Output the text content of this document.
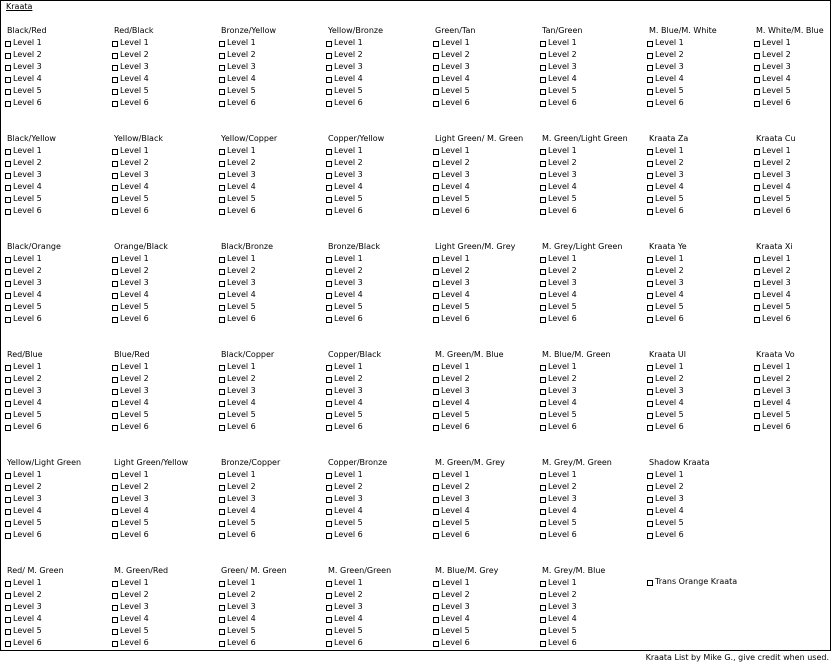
Kraata
Black/Red
Level 1
Level 2
Level 3
Level 4
Level 5
Level 6
Red/Black
Level 1
Level 2
Level 3
Level 4
Level 5
Level 6
Bronze/Yellow
Level 1
Level 2
Level 3
Level 4
Level 5
Level 6
Yellow/Bronze
Level 1
Level 2
Level 3
Level 4
Level 5
Level 6
Green/Tan
Level 1
Level 2
Level 3
Level 4
Level 5
Level 6
Tan/Green
Level 1
Level 2
Level 3
Level 4
Level 5
Level 6
M. Blue/M. White
Level 1
Level 2
Level 3
Level 4
Level 5
Level 6
M. White/M. Blue
Level 1
Level 2
Level 3
Level 4
Level 5
Level 6
Black/Yellow
Level 1
Level 2
Level 3
Level 4
Level 5
Level 6
Yellow/Black
Level 1
Level 2
Level 3
Level 4
Level 5
Level 6
Yellow/Copper
Level 1
Level 2
Level 3
Level 4
Level 5
Level 6
Copper/Yellow
Level 1
Level 2
Level 3
Level 4
Level 5
Level 6
Light Green/ M. Green
Level 1
Level 2
Level 3
Level 4
Level 5
Level 6
M. Green/Light Green
Level 1
Level 2
Level 3
Level 4
Level 5
Level 6
Kraata Za
Level 1
Level 2
Level 3
Level 4
Level 5
Level 6
Kraata Cu
Level 1
Level 2
Level 3
Level 4
Level 5
Level 6
Black/Orange
Level 1
Level 2
Level 3
Level 4
Level 5
Level 6
Orange/Black
Level 1
Level 2
Level 3
Level 4
Level 5
Level 6
Black/Bronze
Level 1
Level 2
Level 3
Level 4
Level 5
Level 6
Bronze/Black
Level 1
Level 2
Level 3
Level 4
Level 5
Level 6
Light Green/M. Grey
Level 1
Level 2
Level 3
Level 4
Level 5
Level 6
M. Grey/Light Green
Level 1
Level 2
Level 3
Level 4
Level 5
Level 6
Kraata Ye
Level 1
Level 2
Level 3
Level 4
Level 5
Level 6
Kraata Xi
Level 1
Level 2
Level 3
Level 4
Level 5
Level 6
Red/Blue
Level 1
Level 2
Level 3
Level 4
Level 5
Level 6
Blue/Red
Level 1
Level 2
Level 3
Level 4
Level 5
Level 6
Black/Copper
Level 1
Level 2
Level 3
Level 4
Level 5
Level 6
Copper/Black
Level 1
Level 2
Level 3
Level 4
Level 5
Level 6
M. Green/M. Blue
Level 1
Level 2
Level 3
Level 4
Level 5
Level 6
M. Blue/M. Green
Level 1
Level 2
Level 3
Level 4
Level 5
Level 6
Kraata Ul
Level 1
Level 2
Level 3
Level 4
Level 5
Level 6
Kraata Vo
Level 1
Level 2
Level 3
Level 4
Level 5
Level 6
Yellow/Light Green
Level 1
Level 2
Level 3
Level 4
Level 5
Level 6
Light Green/Yellow
Level 1
Level 2
Level 3
Level 4
Level 5
Level 6
Bronze/Copper
Level 1
Level 2
Level 3
Level 4
Level 5
Level 6
Copper/Bronze
Level 1
Level 2
Level 3
Level 4
Level 5
Level 6
M. Green/M. Grey
Level 1
Level 2
Level 3
Level 4
Level 5
Level 6
M. Grey/M. Green
Level 1
Level 2
Level 3
Level 4
Level 5
Level 6
Shadow Kraata
Level 1
Level 2
Level 3
Level 4
Level 5
Level 6
Red/ M. Green
Level 1
Level 2
Level 3
Level 4
Level 5
Level 6
M. Green/Red
Level 1
Level 2
Level 3
Level 4
Level 5
Level 6
Green/ M. Green
Level 1
Level 2
Level 3
Level 4
Level 5
Level 6
M. Green/Green
Level 1
Level 2
Level 3
Level 4
Level 5
Level 6
M. Blue/M. Grey
Level 1
Level 2
Level 3
Level 4
Level 5
Level 6
M. Grey/M. Blue
Level 1
Level 2
Level 3
Level 4
Level 5
Level 6
Trans Orange Kraata
Kraata List by Mike G., give credit when used.
